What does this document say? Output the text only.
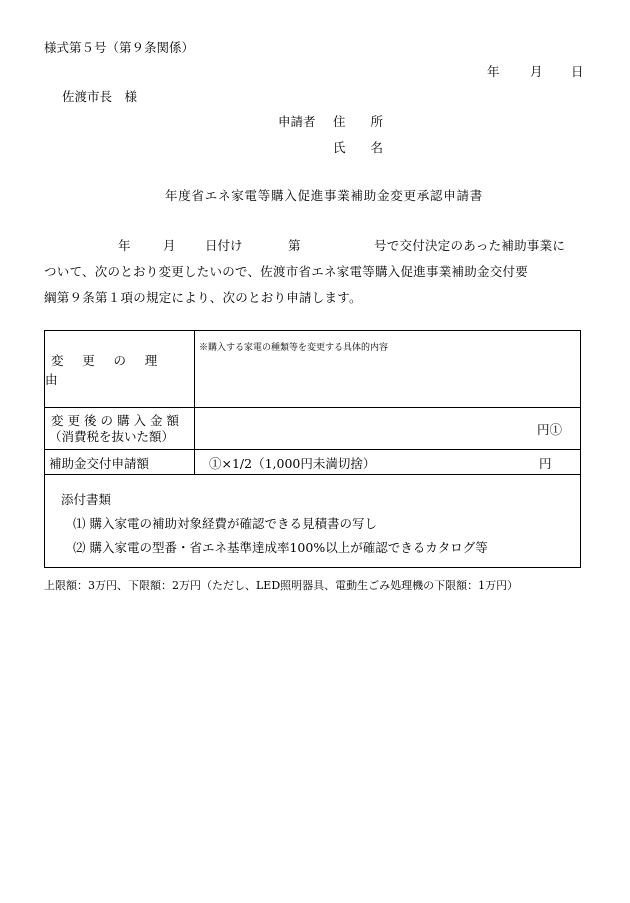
様式第５号（第９条関係）
年 月 日
佐渡市長　様
申請者 住　　所
氏　　名
年度省エネ家電等購入促進事業補助金変更承認申請書
年	月 日付け	第	号で交付決定のあった補助事業に
ついて、次のとおり変更したいので、佐渡市省エネ家電等購入促進事業補助金交付要
綱第９条第１項の規定により、次のとおり申請します。
変更の理由	※購入する家電の種類等を変更する具体的内容

変更後の購入金額
（消費税を抜いた額）	円①
補助金交付申請額	①×1/2（1,000円未満切捨） 円

添付書類
⑴ 購入家電の補助対象経費が確認できる見積書の写し
⑵ 購入家電の型番・省エネ基準達成率100%以上が確認できるカタログ等	
上限額：3万円、下限額：2万円（ただし、LED照明器具、電動生ごみ処理機の下限額：1万円）
